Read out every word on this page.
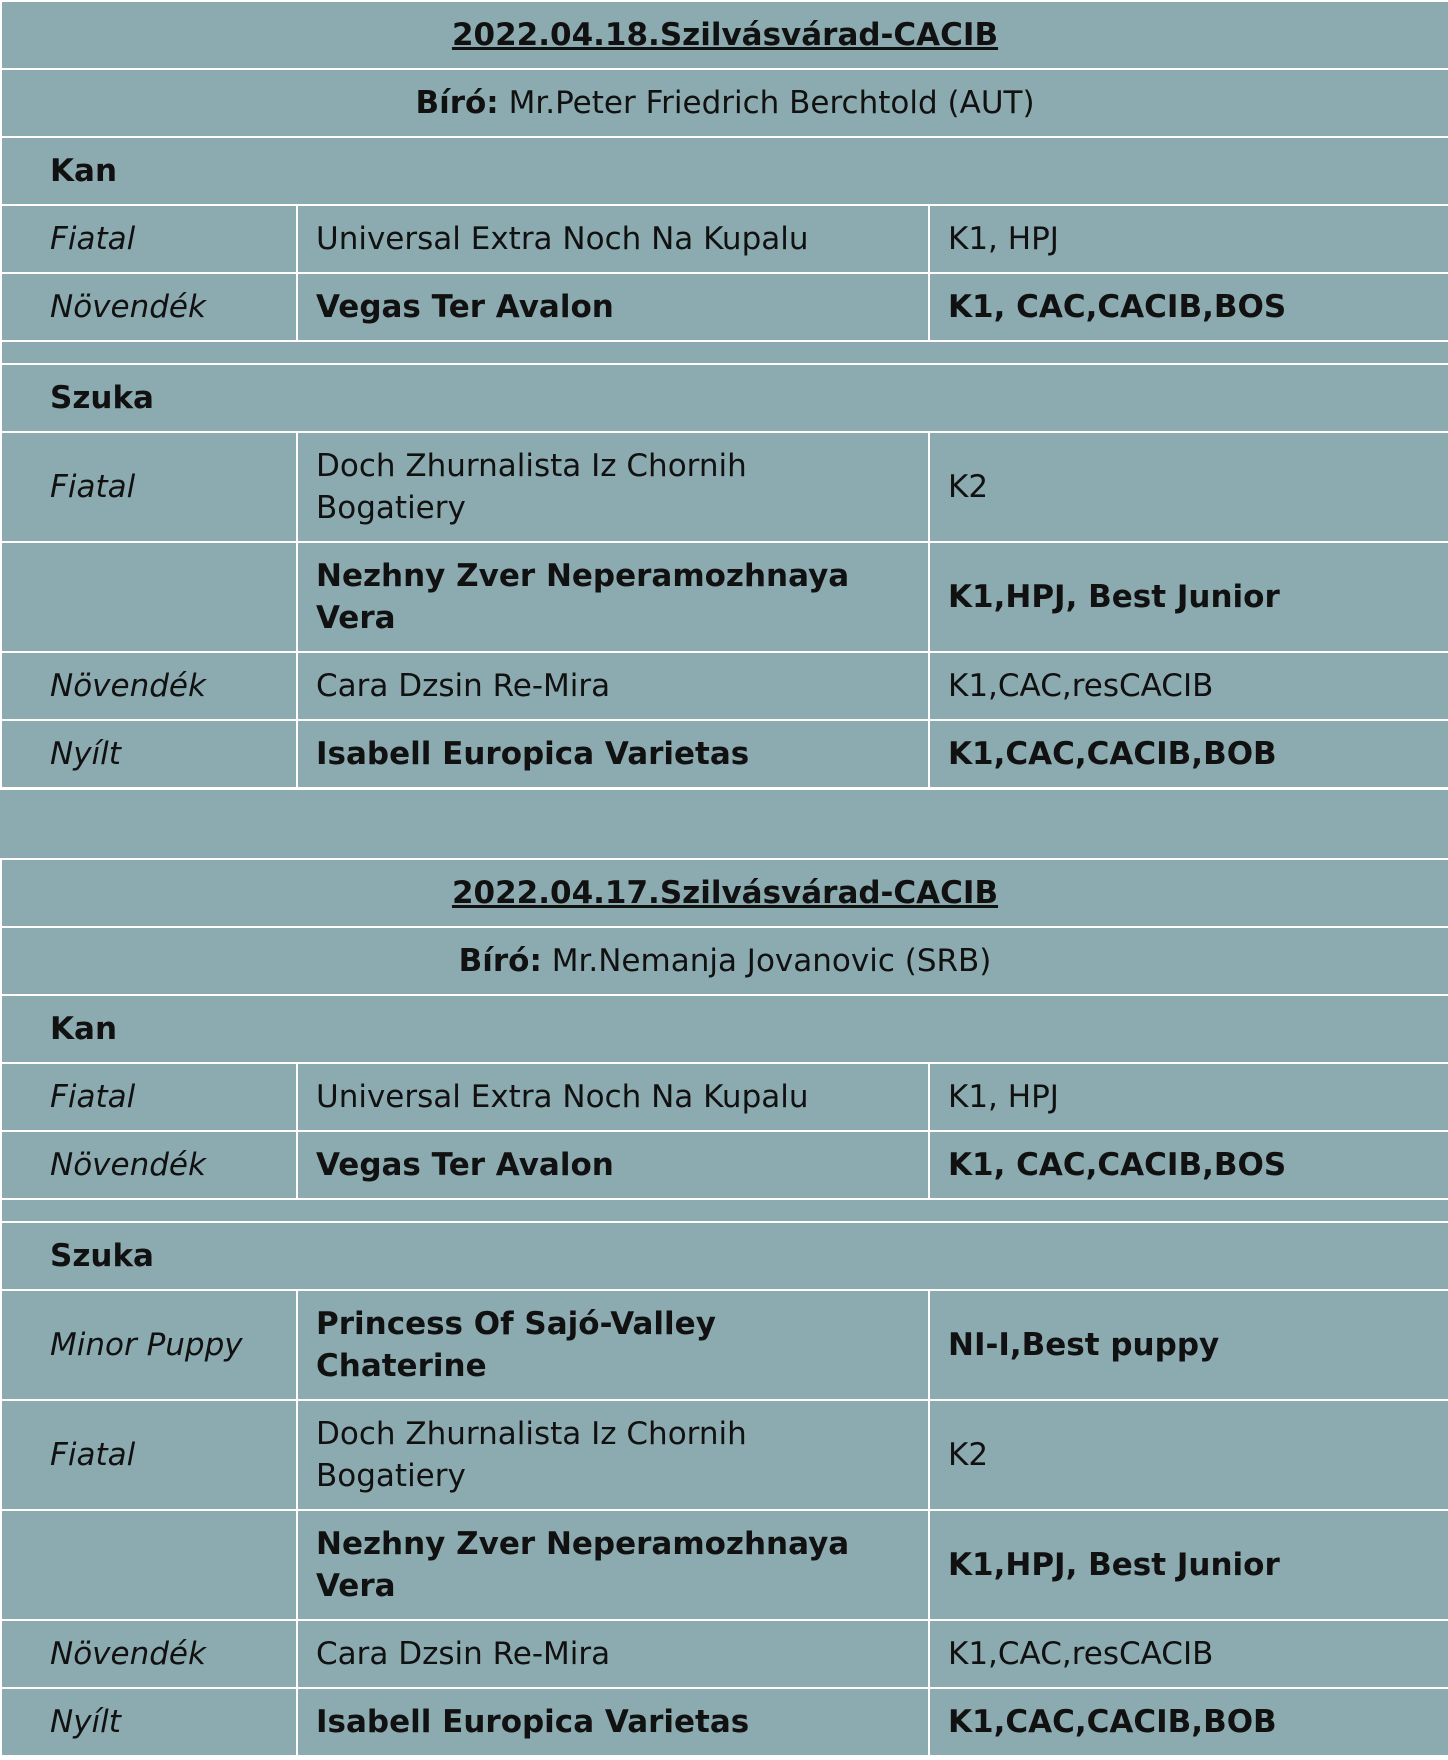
2022.04.18.Szilvásvárad-CACIB		
Bíró: Mr.Peter Friedrich Berchtold (AUT)		
Kan		
Fiatal	Universal Extra Noch Na Kupalu	K1, HPJ
Növendék	Vegas Ter Avalon	K1, CAC,CACIB,BOS

Szuka		
Fiatal	Doch Zhurnalista Iz Chornih Bogatiery	K2
	Nezhny Zver Neperamozhnaya Vera	K1,HPJ, Best Junior
Növendék	Cara Dzsin Re-Mira	K1,CAC,resCACIB
Nyílt	Isabell Europica Varietas	K1,CAC,CACIB,BOB
2022.04.17.Szilvásvárad-CACIB		
Bíró: Mr.Nemanja Jovanovic (SRB)		
Kan		
Fiatal	Universal Extra Noch Na Kupalu	K1, HPJ
Növendék	Vegas Ter Avalon	K1, CAC,CACIB,BOS

Szuka		
Minor Puppy	Princess Of Sajó-Valley Chaterine	NI-I,Best puppy
Fiatal	Doch Zhurnalista Iz Chornih Bogatiery	K2
	Nezhny Zver Neperamozhnaya Vera	K1,HPJ, Best Junior
Növendék	Cara Dzsin Re-Mira	K1,CAC,resCACIB
Nyílt	Isabell Europica Varietas	K1,CAC,CACIB,BOB
